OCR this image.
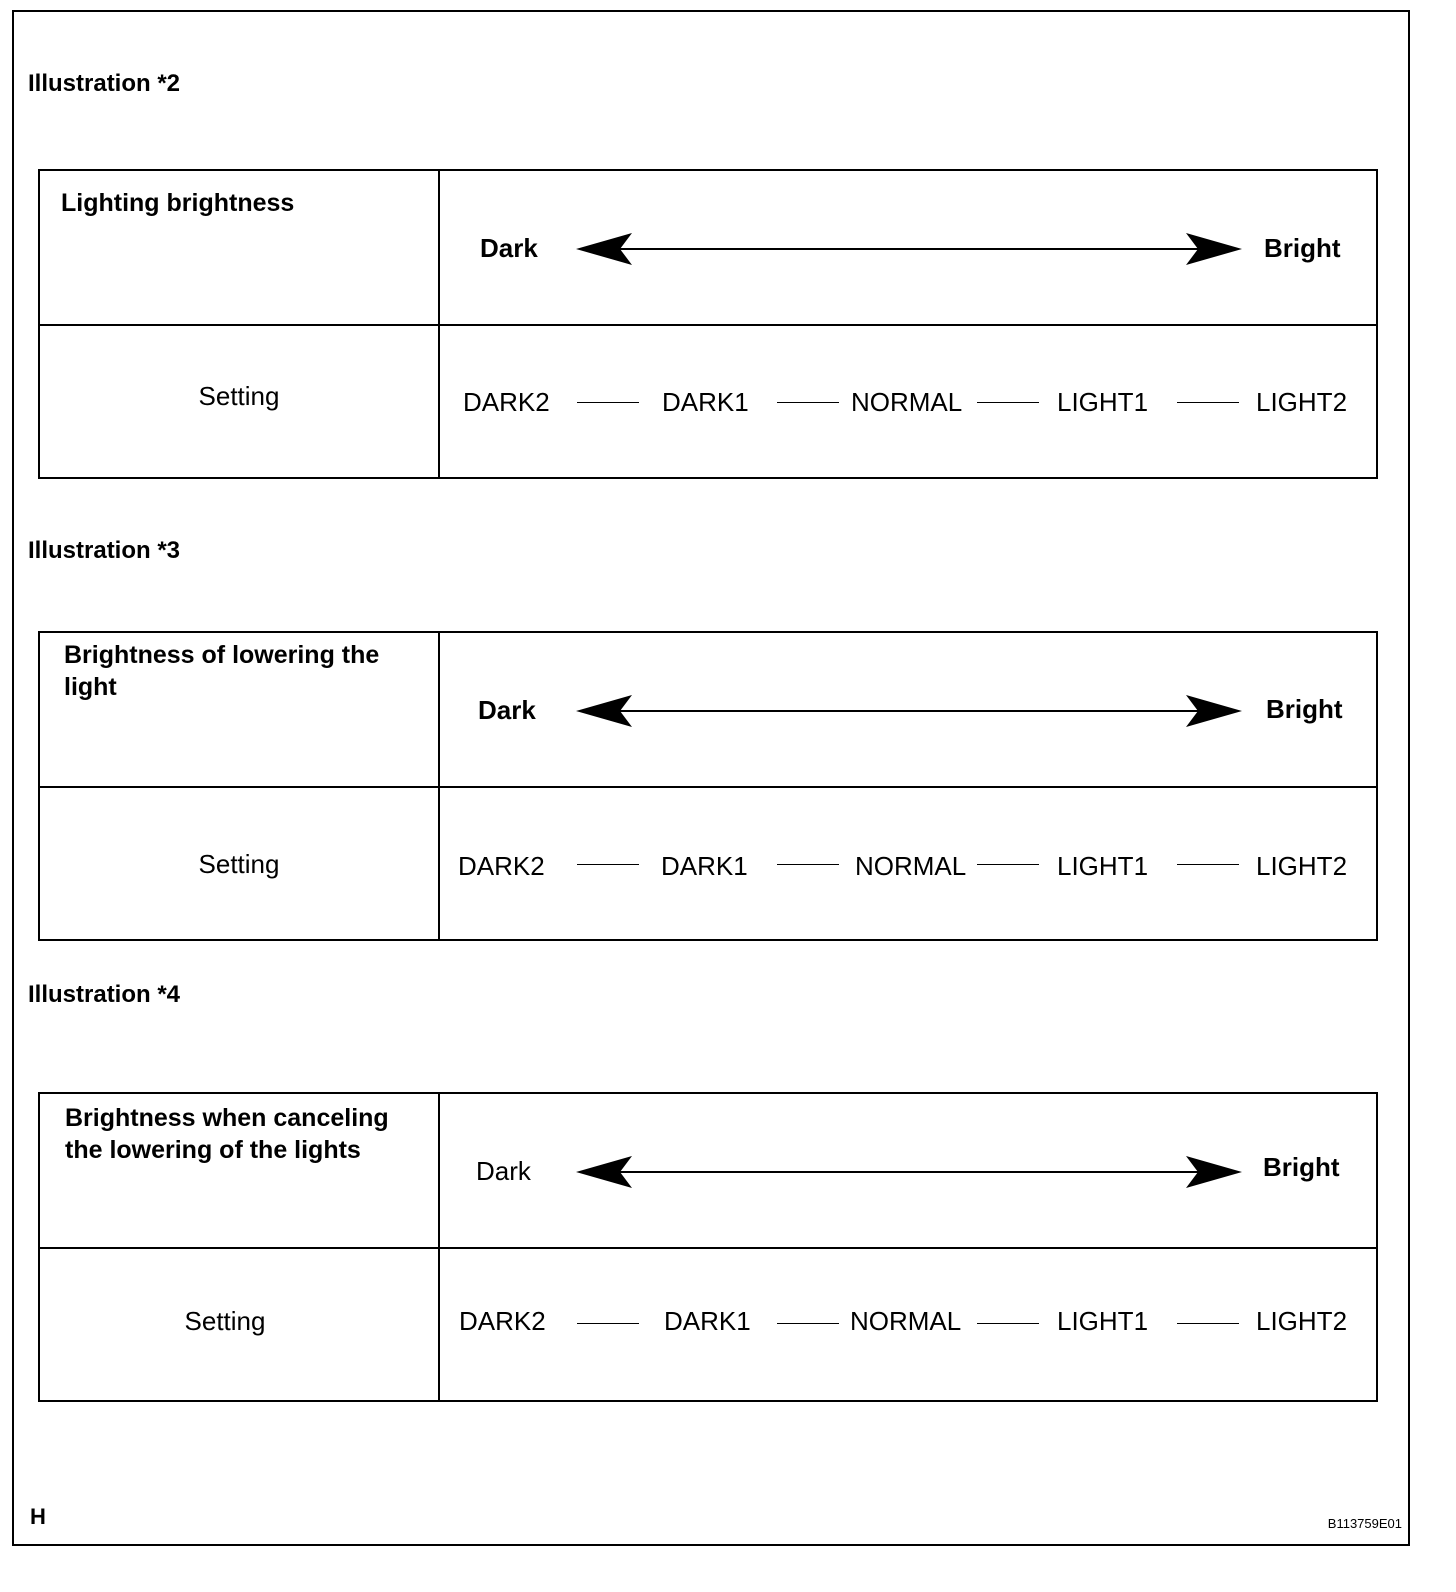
Illustration *2
Lighting brightness
Dark	Bright
Setting	DARK2	DARK1	NORMAL	LIGHT1	LIGHT2
Illustration *3
Brightness of lowering the light
Dark	Bright
Setting	DARK2	DARK1	NORMAL	LIGHT1	LIGHT2
Illustration *4
Brightness when canceling the lowering of the lights
Dark	Bright
Setting	DARK2	DARK1	NORMAL	LIGHT1	LIGHT2
H	B113759E01
